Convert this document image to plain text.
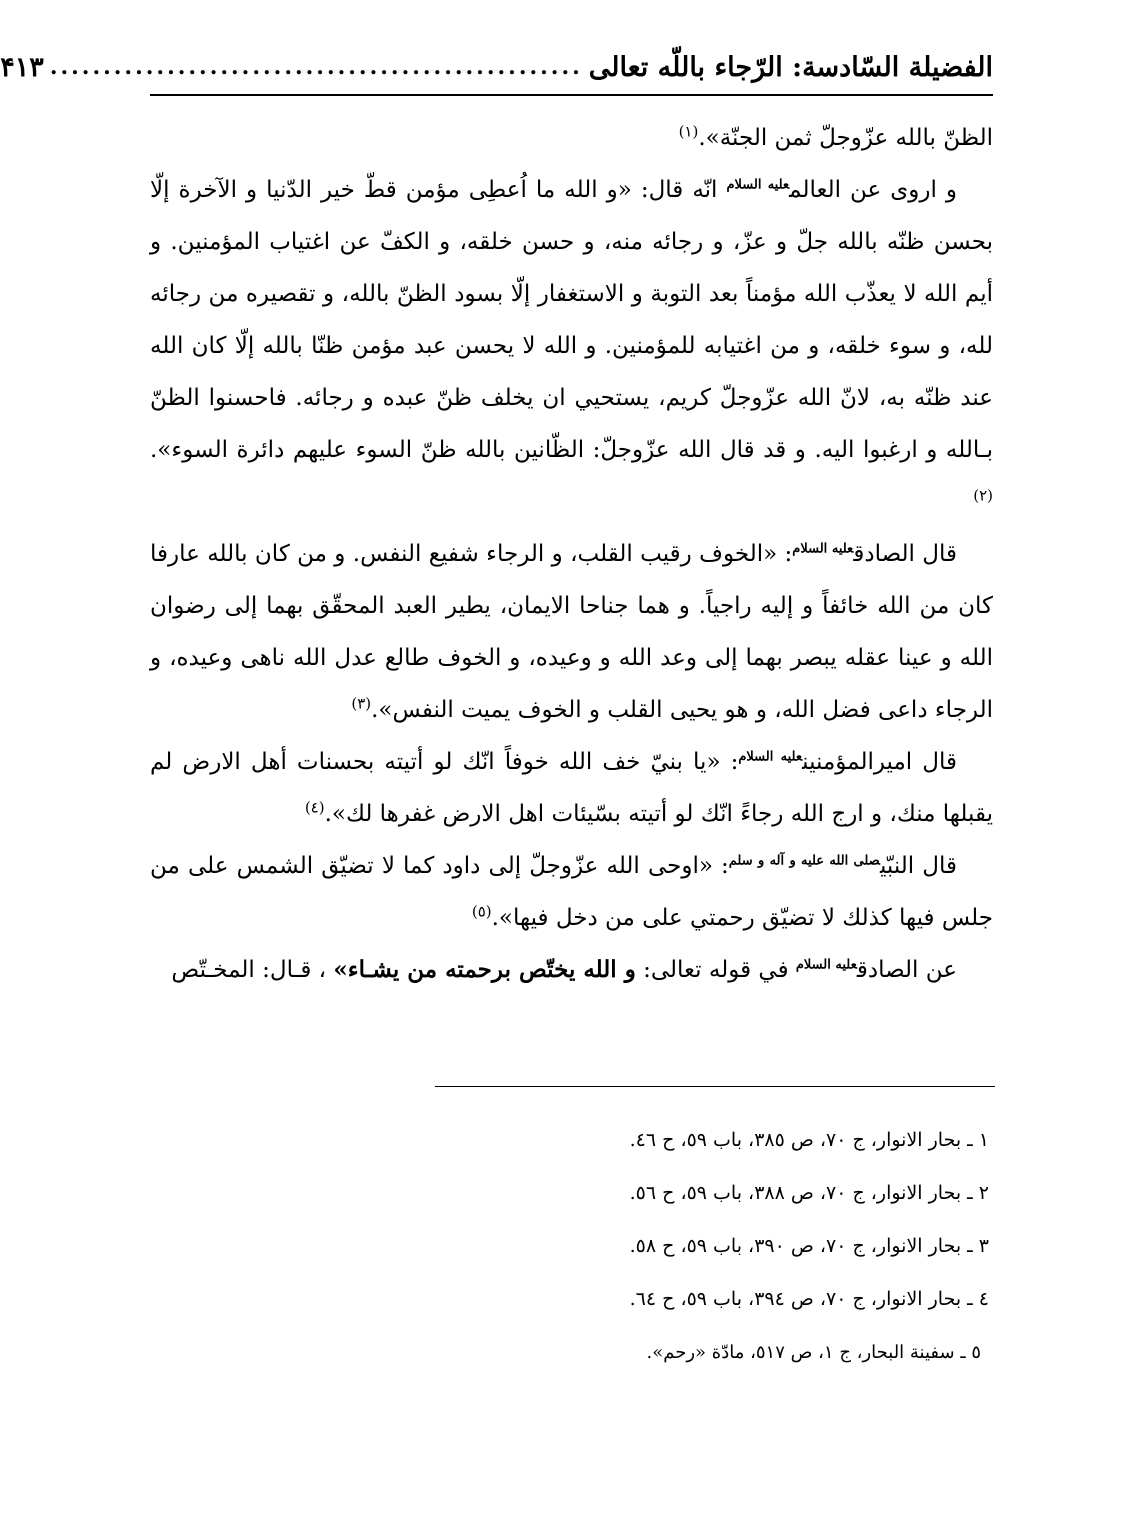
الفضيلة السّادسة: الرّجاء باللّه تعالى
..................................................
۴۱۳

الظنّ بالله عزّوجلّ ثمن الجنّة».$^{(١)}$

و اروى عن العالم$^{عليه السلام}$ انّه قال: «و الله ما اُعطِى مؤمن قطّ خير الدّنيا و الآخرة إلّا بحسن ظنّه بالله جلّ و عزّ، و رجائه منه، و حسن خلقه، و الكفّ عن اغتياب المؤمنين. و أيم الله لا يعذّب الله مؤمناً بعد التوبة و الاستغفار إلّا بسود الظنّ بالله، و تقصيره من رجائه لله، و سوء خلقه، و من اغتيابه للمؤمنين. و الله لا يحسن عبد مؤمن ظنّا بالله إلّا كان الله عند ظنّه به، لانّ الله عزّوجلّ كريم، يستحيي ان يخلف ظنّ عبده و رجائه. فاحسنوا الظنّ بـالله و ارغبوا اليه. و قد قال الله عزّوجلّ: الظّانين بالله ظنّ السوء عليهم دائرة السوء».$^{(٢)}$

قال الصادق$^{عليه السلام}$: «الخوف رقيب القلب، و الرجاء شفيع النفس. و من كان بالله عارفا كان من الله خائفاً و إليه راجياً. و هما جناحا الايمان، يطير العبد المحقّق بهما إلى رضوان الله و عينا عقله يبصر بهما إلى وعد الله و وعيده، و الخوف طالع عدل الله ناهى وعيده، و الرجاء داعى فضل الله، و هو يحيى القلب و الخوف يميت النفس».$^{(٣)}$

قال اميرالمؤمنين$^{عليه السلام}$: «يا بنيّ خف الله خوفاً انّك لو أتيته بحسنات أهل الارض لم يقبلها منك، و ارج الله رجاءً انّك لو أتيته بسّيئات اهل الارض غفرها لك».$^{(٤)}$

قال النبّي$^{صلى الله عليه و آله و سلم}$: «اوحى الله عزّوجلّ إلى داود كما لا تضيّق الشمس على من جلس فيها كذلك لا تضيّق رحمتي على من دخل فيها».$^{(٥)}$

عن الصادق$^{عليه السلام}$ في قوله تعالى: و الله يختّص برحمته من يشـاء» ، قـال: المخـتّص

١ ـ بحار الانوار، ج ٧٠، ص ٣٨٥، باب ٥٩، ح ٤٦.

٢ ـ بحار الانوار، ج ٧٠، ص ٣٨٨، باب ٥٩، ح ٥٦.

٣ ـ بحار الانوار، ج ٧٠، ص ٣٩٠، باب ٥٩، ح ٥٨.

٤ ـ بحار الانوار، ج ٧٠، ص ٣٩٤، باب ٥٩، ح ٦٤.

٥ ـ سفينة البحار، ج ١، ص ٥١٧، مادّة «رحم».
